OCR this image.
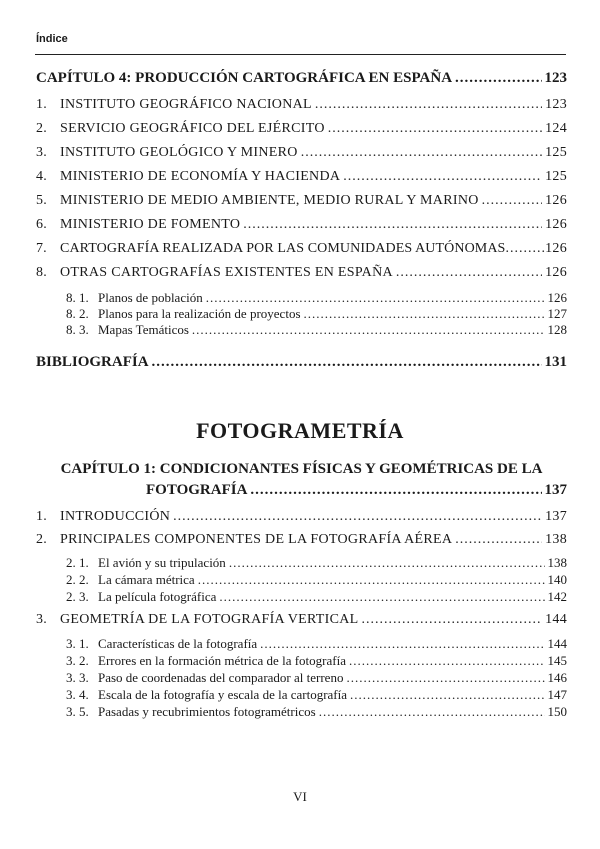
Índice
CAPÍTULO 4: PRODUCCIÓN CARTOGRÁFICA EN ESPAÑA .....	123
1. INSTITUTO GEOGRÁFICO NACIONAL .....	123
2. SERVICIO GEOGRÁFICO DEL EJÉRCITO .....	124
3. INSTITUTO GEOLÓGICO Y MINERO .....	125
4. MINISTERIO DE ECONOMÍA Y HACIENDA .....	125
5. MINISTERIO DE MEDIO AMBIENTE, MEDIO RURAL Y MARINO .....	126
6. MINISTERIO DE FOMENTO .....	126
7. CARTOGRAFÍA REALIZADA POR LAS COMUNIDADES AUTÓNOMAS .....	126
8. OTRAS CARTOGRAFÍAS EXISTENTES EN ESPAÑA .....	126
8. 1. Planos de población .....	126
8. 2. Planos para la realización de proyectos .....	127
8. 3. Mapas Temáticos .....	128
BIBLIOGRAFÍA .....	131
FOTOGRAMETRÍA
CAPÍTULO 1: CONDICIONANTES FÍSICAS Y GEOMÉTRICAS DE LA
FOTOGRAFÍA .....	137
1. INTRODUCCIÓN .....	137
2. PRINCIPALES COMPONENTES DE LA FOTOGRAFÍA AÉREA .....	138
2. 1. El avión y su tripulación .....	138
2. 2. La cámara métrica .....	140
2. 3. La película fotográfica .....	142
3. GEOMETRÍA DE LA FOTOGRAFÍA VERTICAL .....	144
3. 1. Características de la fotografía .....	144
3. 2. Errores en la formación métrica de la fotografía .....	145
3. 3. Paso de coordenadas del comparador al terreno .....	146
3. 4. Escala de la fotografía y escala de la cartografía .....	147
3. 5. Pasadas y recubrimientos fotogramétricos .....	150
VI
